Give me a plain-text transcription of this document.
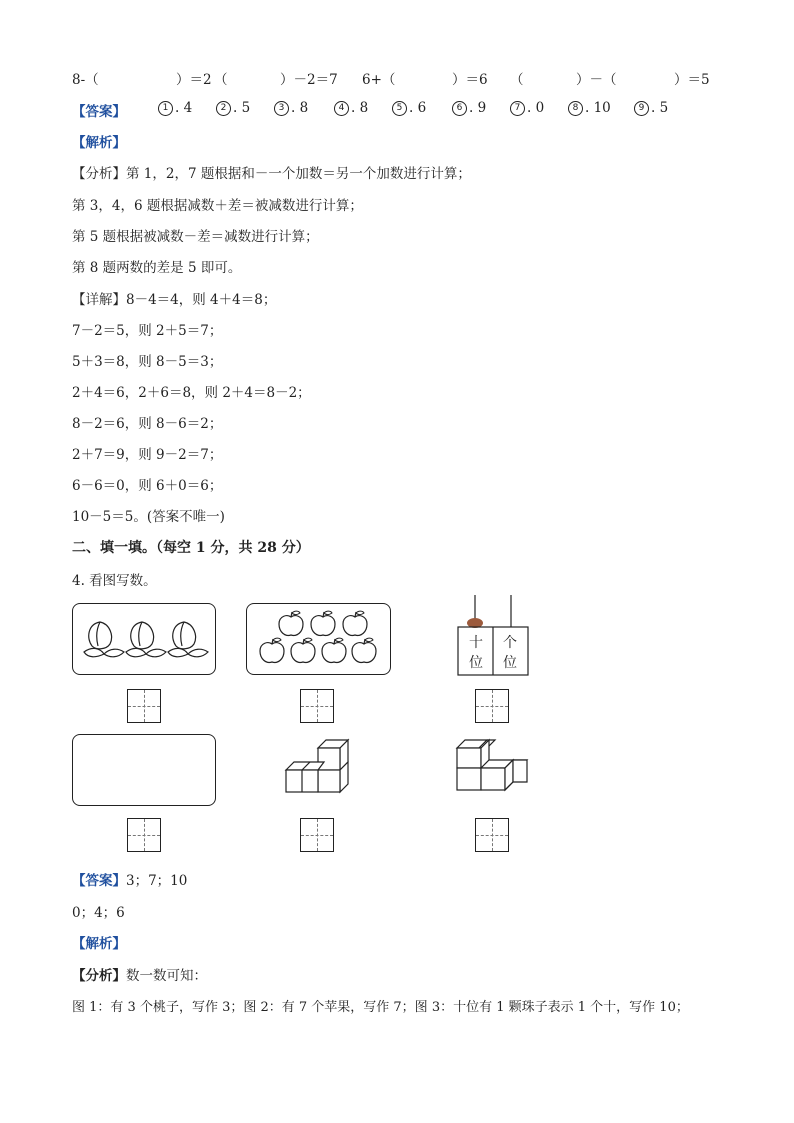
8-（	）＝2 （	）－2＝7 6+（	）＝6 （	）－（	）＝5
【答案】	1 . 4	2 . 5	3 . 8	4 . 8	5 . 6	6 . 9	7 . 0	8 . 10	9 . 5
【解析】
【分析】第 1，2，7 题根据和－一个加数＝另一个加数进行计算；
第 3，4，6 题根据减数＋差＝被减数进行计算；
第 5 题根据被减数－差＝减数进行计算；
第 8 题两数的差是 5 即可。
【详解】8－4＝4，则 4＋4＝8；
7－2＝5，则 2＋5＝7；
5＋3＝8，则 8－5＝3；
2＋4＝6，2＋6＝8，则 2＋4＝8－2；
8－2＝6，则 8－6＝2；
2＋7＝9，则 9－2＝7；
6－6＝0，则 6＋0＝6；
10－5＝5。(答案不唯一)
二、填一填。（每空 1 分，共 28 分）
4. 看图写数。
十
位
个
位
【答案】3；7；10
0；4；6
【解析】
【分析】数一数可知：
图 1：有 3 个桃子，写作 3；图 2：有 7 个苹果，写作 7；图 3：十位有 1 颗珠子表示 1 个十，写作 10；
